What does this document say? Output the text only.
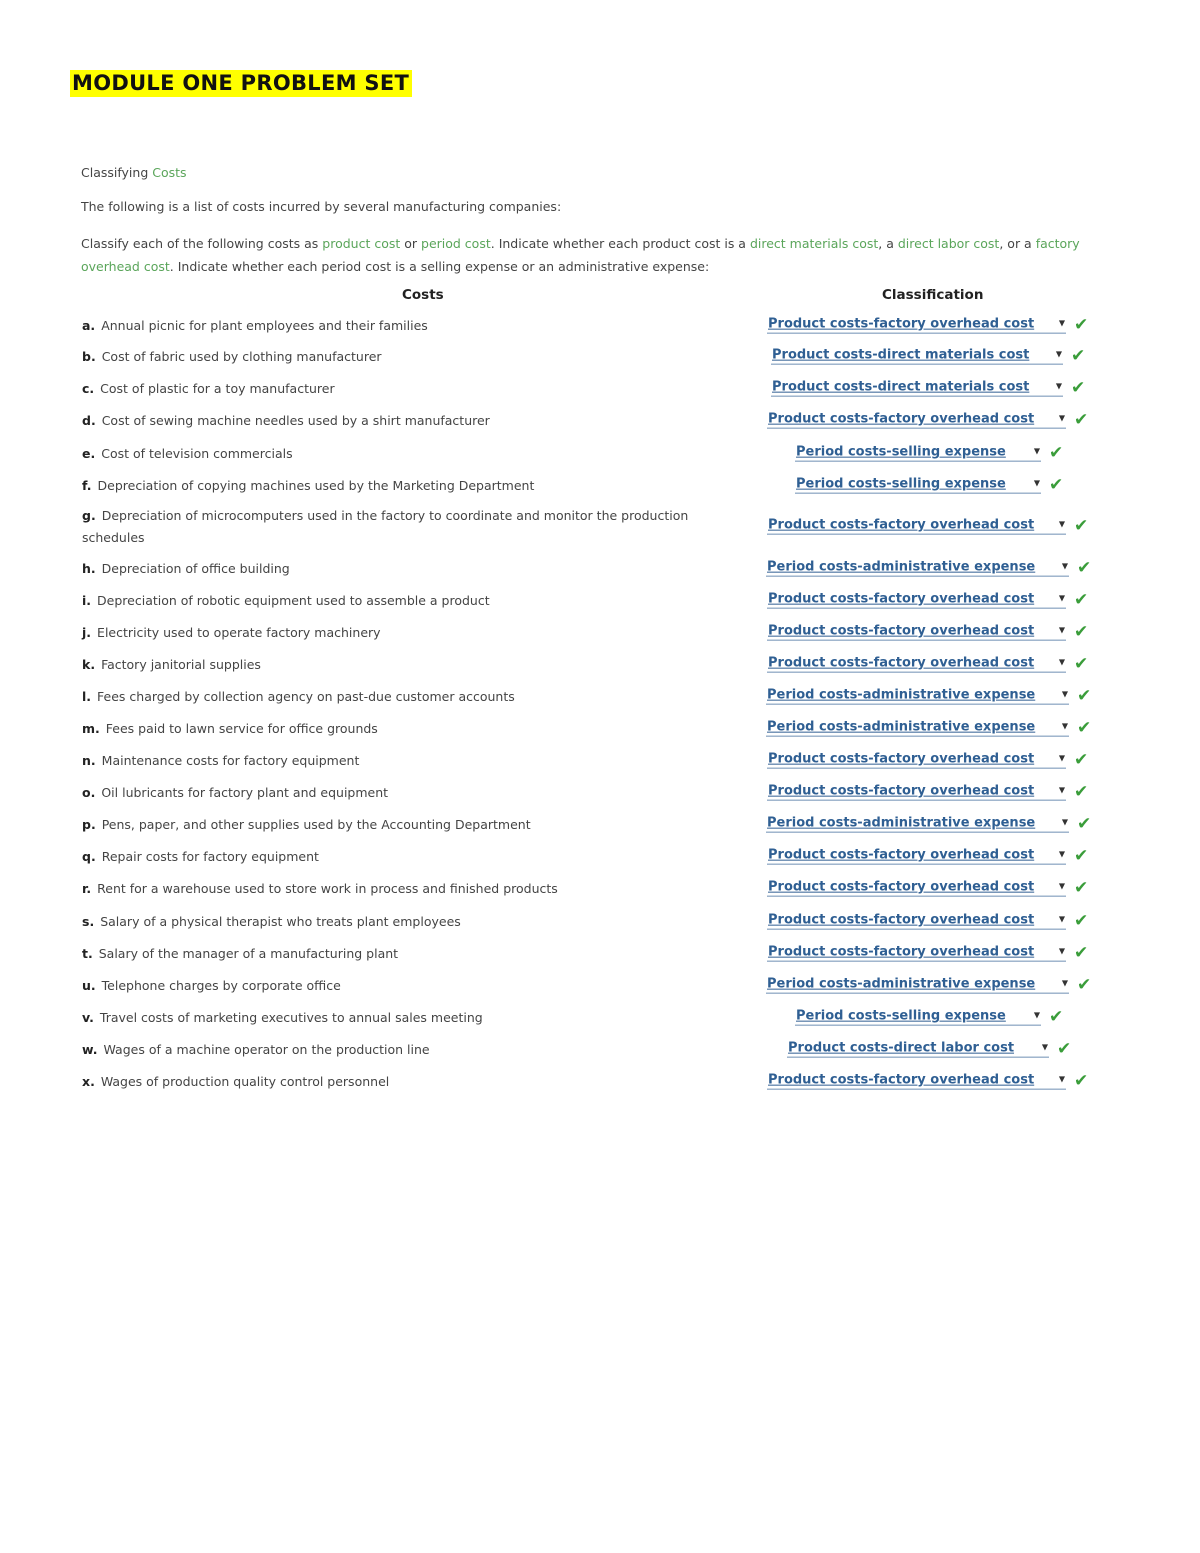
MODULE ONE PROBLEM SET
Classifying Costs
The following is a list of costs incurred by several manufacturing companies:
Classify each of the following costs as product cost or period cost. Indicate whether each product cost is a direct materials cost, a direct labor cost, or a factory overhead cost. Indicate whether each period cost is a selling expense or an administrative expense:
Costs	Classification
a. Annual picnic for plant employees and their families	Product costs-factory overhead cost	▼ ✔
b. Cost of fabric used by clothing manufacturer	Product costs-direct materials cost	▼ ✔
c. Cost of plastic for a toy manufacturer	Product costs-direct materials cost	▼ ✔
d. Cost of sewing machine needles used by a shirt manufacturer	Product costs-factory overhead cost	▼ ✔
e. Cost of television commercials	Period costs-selling expense	▼ ✔
f. Depreciation of copying machines used by the Marketing Department	Period costs-selling expense	▼ ✔
g. Depreciation of microcomputers used in the factory to coordinate and monitor the production schedules
Product costs-factory overhead cost	▼ ✔
h. Depreciation of office building	Period costs-administrative expense	▼ ✔
i. Depreciation of robotic equipment used to assemble a product	Product costs-factory overhead cost	▼ ✔
j. Electricity used to operate factory machinery	Product costs-factory overhead cost	▼ ✔
k. Factory janitorial supplies	Product costs-factory overhead cost	▼ ✔
l. Fees charged by collection agency on past-due customer accounts	Period costs-administrative expense	▼ ✔
m. Fees paid to lawn service for office grounds	Period costs-administrative expense	▼ ✔
n. Maintenance costs for factory equipment	Product costs-factory overhead cost	▼ ✔
o. Oil lubricants for factory plant and equipment	Product costs-factory overhead cost	▼ ✔
p. Pens, paper, and other supplies used by the Accounting Department	Period costs-administrative expense	▼ ✔
q. Repair costs for factory equipment	Product costs-factory overhead cost	▼ ✔
r. Rent for a warehouse used to store work in process and finished products	Product costs-factory overhead cost	▼ ✔
s. Salary of a physical therapist who treats plant employees	Product costs-factory overhead cost	▼ ✔
t. Salary of the manager of a manufacturing plant	Product costs-factory overhead cost	▼ ✔
u. Telephone charges by corporate office	Period costs-administrative expense	▼ ✔
v. Travel costs of marketing executives to annual sales meeting	Period costs-selling expense	▼ ✔
w. Wages of a machine operator on the production line	Product costs-direct labor cost	▼ ✔
x. Wages of production quality control personnel	Product costs-factory overhead cost	▼ ✔
